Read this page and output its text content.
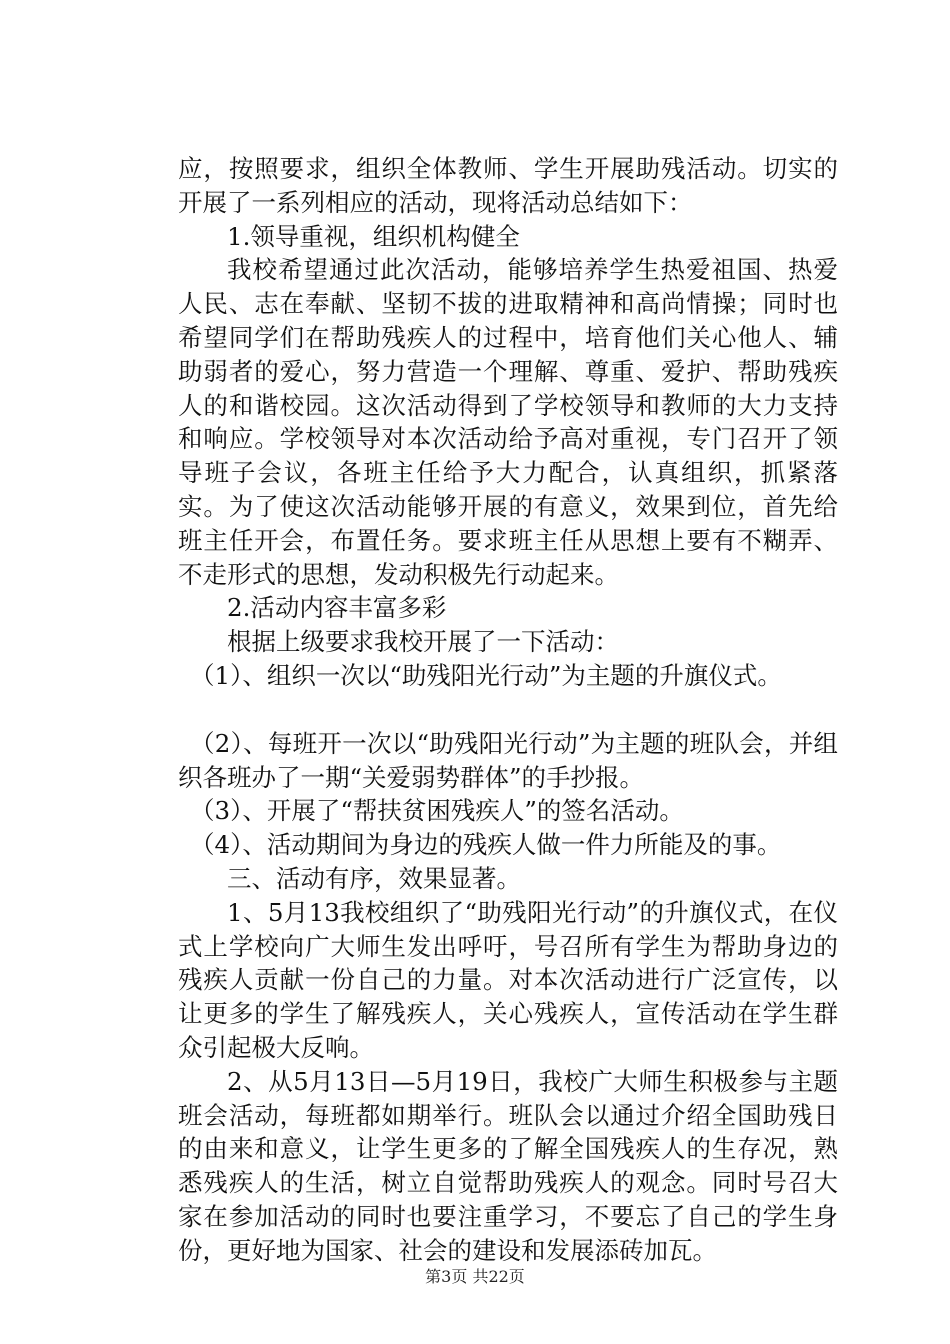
应，按照要求，组织全体教师、学生开展助残活动。切实的开展了一系列相应的活动，现将活动总结如下：

1.领导重视，组织机构健全

我校希望通过此次活动，能够培养学生热爱祖国、热爱人民、志在奉献、坚韧不拔的进取精神和高尚情操；同时也希望同学们在帮助残疾人的过程中，培育他们关心他人、辅助弱者的爱心，努力营造一个理解、尊重、爱护、帮助残疾人的和谐校园。这次活动得到了学校领导和教师的大力支持和响应。学校领导对本次活动给予高对重视，专门召开了领导班子会议，各班主任给予大力配合，认真组织，抓紧落实。为了使这次活动能够开展的有意义，效果到位，首先给班主任开会，布置任务。要求班主任从思想上要有不糊弄、不走形式的思想，发动积极先行动起来。

2.活动内容丰富多彩

根据上级要求我校开展了一下活动：

（1）、组织一次以“助残阳光行动”为主题的升旗仪式。

（2）、每班开一次以“助残阳光行动”为主题的班队会，并组织各班办了一期“关爱弱势群体”的手抄报。

（3）、开展了“帮扶贫困残疾人”的签名活动。

（4）、活动期间为身边的残疾人做一件力所能及的事。

三、活动有序，效果显著。

1、5月13我校组织了“助残阳光行动”的升旗仪式，在仪式上学校向广大师生发出呼吁，号召所有学生为帮助身边的残疾人贡献一份自己的力量。对本次活动进行广泛宣传，以让更多的学生了解残疾人，关心残疾人，宣传活动在学生群众引起极大反响。

2、从5月13日—5月19日，我校广大师生积极参与主题班会活动，每班都如期举行。班队会以通过介绍全国助残日的由来和意义，让学生更多的了解全国残疾人的生存况，熟悉残疾人的生活，树立自觉帮助残疾人的观念。同时号召大家在参加活动的同时也要注重学习，不要忘了自己的学生身份，更好地为国家、社会的建设和发展添砖加瓦。

第3页 共22页
